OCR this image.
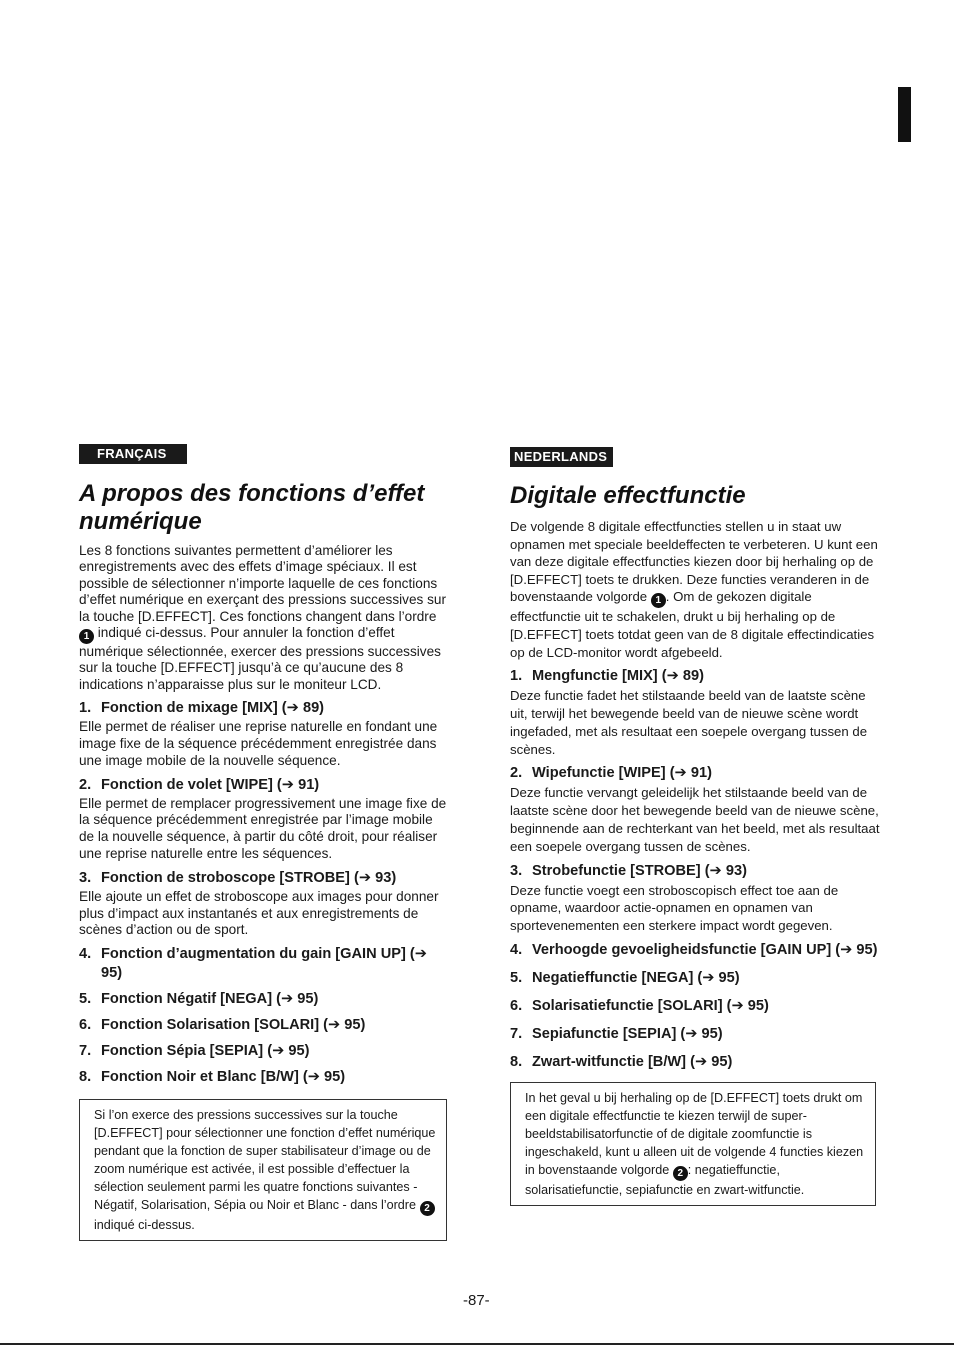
FRANÇAIS
A propos des fonctions d’effet numérique

Les 8 fonctions suivantes permettent d’améliorer les enregistrements avec des effets d’image spéciaux. Il est possible de sélectionner n’importe laquelle de ces fonctions d’effet numérique en exerçant des pressions successives sur la touche [D.EFFECT]. Ces fonctions changent dans l’ordre 1 indiqué ci-dessus. Pour annuler la fonction d’effet numérique sélectionnée, exercer des pressions successives sur la touche [D.EFFECT] jusqu’à ce qu’aucune des 8 indications n’apparaisse plus sur le moniteur LCD.

1. Fonction de mixage [MIX] (➔ 89)

Elle permet de réaliser une reprise naturelle en fondant une image fixe de la séquence précédemment enregistrée dans une image mobile de la nouvelle séquence.

2. Fonction de volet [WIPE] (➔ 91)

Elle permet de remplacer progressivement une image fixe de la séquence précédemment enregistrée par l’image mobile de la nouvelle séquence, à partir du côté droit, pour réaliser une reprise naturelle entre les séquences.

3. Fonction de stroboscope [STROBE] (➔ 93)

Elle ajoute un effet de stroboscope aux images pour donner plus d’impact aux instantanés et aux enregistrements de scènes d’action ou de sport.

4. Fonction d’augmentation du gain [GAIN UP] (➔ 95)
5. Fonction Négatif [NEGA] (➔ 95)
6. Fonction Solarisation [SOLARI] (➔ 95)
7. Fonction Sépia [SEPIA] (➔ 95)
8. Fonction Noir et Blanc [B/W] (➔ 95)
Si l’on exerce des pressions successives sur la touche [D.EFFECT] pour sélectionner une fonction d’effet numérique pendant que la fonction de super stabilisateur d’image ou de zoom numérique est activée, il est possible d’effectuer la sélection seulement parmi les quatre fonctions suivantes - Négatif, Solarisation, Sépia ou Noir et Blanc - dans l’ordre 2 indiqué ci-dessus.
NEDERLANDS
Digitale effectfunctie

De volgende 8 digitale effectfuncties stellen u in staat uw opnamen met speciale beeldeffecten te verbeteren. U kunt een van deze digitale effectfuncties kiezen door bij herhaling op de [D.EFFECT] toets te drukken. Deze functies veranderen in de bovenstaande volgorde 1 . Om de gekozen digitale effectfunctie uit te schakelen, drukt u bij herhaling op de [D.EFFECT] toets totdat geen van de 8 digitale effectindicaties op de LCD-monitor wordt afgebeeld.

1. Mengfunctie [MIX] (➔ 89)

Deze functie fadet het stilstaande beeld van de laatste scène uit, terwijl het bewegende beeld van de nieuwe scène wordt ingefaded, met als resultaat een soepele overgang tussen de scènes.

2. Wipefunctie [WIPE] (➔ 91)

Deze functie vervangt geleidelijk het stilstaande beeld van de laatste scène door het bewegende beeld van de nieuwe scène, beginnende aan de rechterkant van het beeld, met als resultaat een soepele overgang tussen de scènes.

3. Strobefunctie [STROBE] (➔ 93)

Deze functie voegt een stroboscopisch effect toe aan de opname, waardoor actie-opnamen en opnamen van sportevenementen een sterkere impact wordt gegeven.

4. Verhoogde gevoeligheidsfunctie [GAIN UP] (➔ 95)
5. Negatieffunctie [NEGA] (➔ 95)
6. Solarisatiefunctie [SOLARI] (➔ 95)
7. Sepiafunctie [SEPIA] (➔ 95)
8. Zwart-witfunctie [B/W] (➔ 95)
In het geval u bij herhaling op de [D.EFFECT] toets drukt om een digitale effectfunctie te kiezen terwijl de super-beeldstabilisatorfunctie of de digitale zoomfunctie is ingeschakeld, kunt u alleen uit de volgende 4 functies kiezen in bovenstaande volgorde 2 : negatieffunctie, solarisatiefunctie, sepiafunctie en zwart-witfunctie.
-87-
